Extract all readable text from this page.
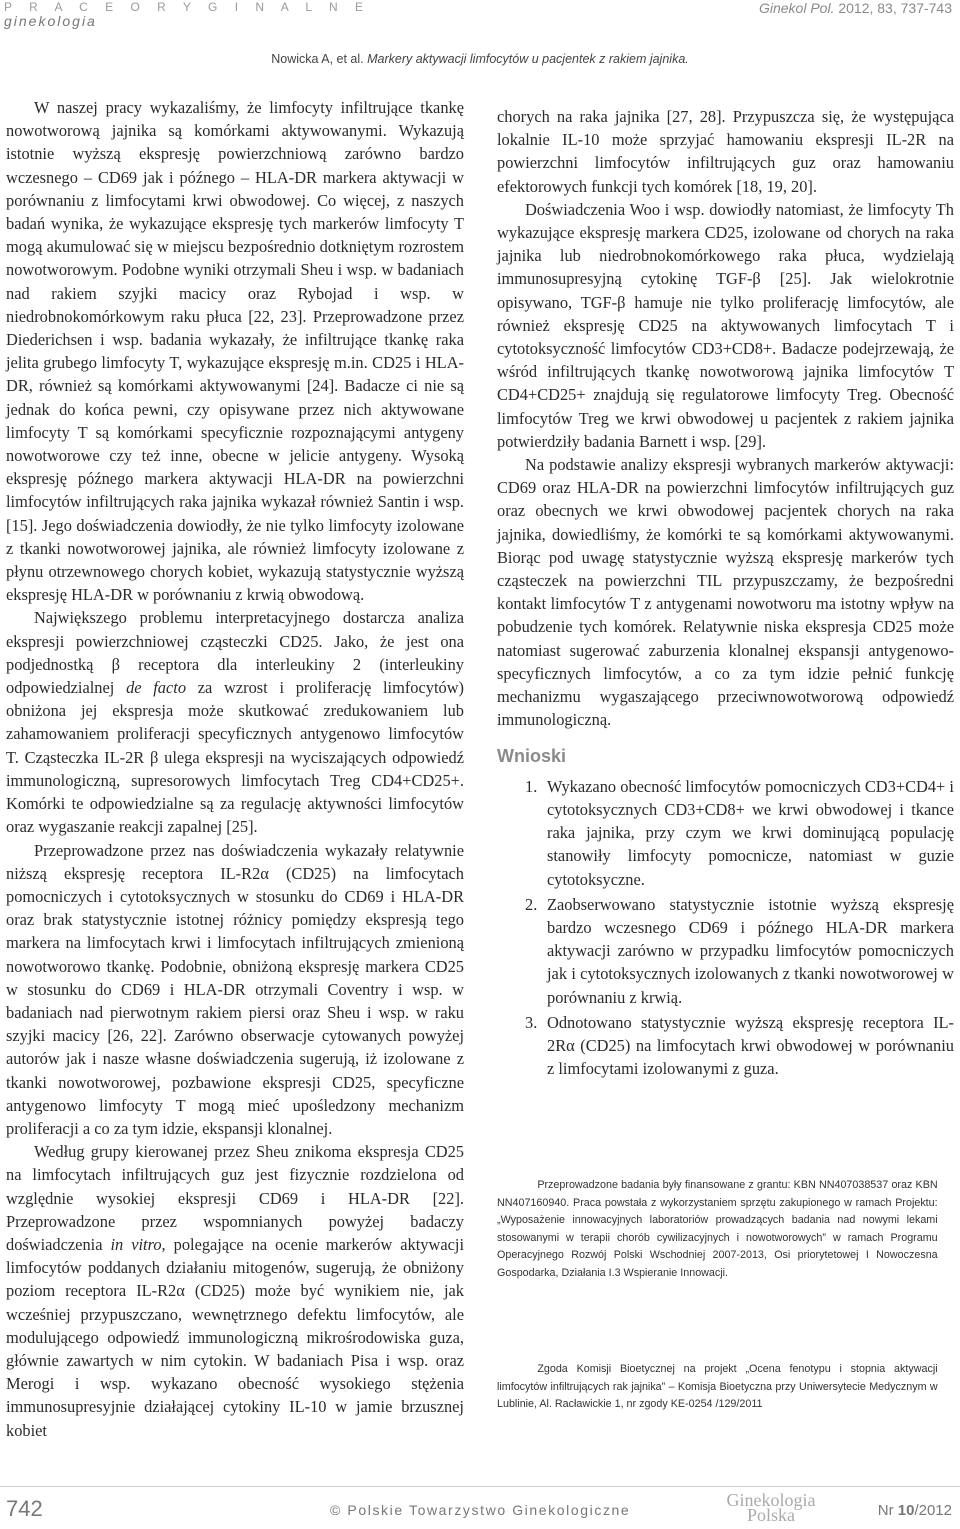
P R A C E O R Y G I N A L N E
ginekologia
Ginekol Pol. 2012, 83, 737-743
Nowicka A, et al. Markery aktywacji limfocytów u pacjentek z rakiem jajnika.

W naszej pracy wykazaliśmy, że limfocyty infiltrujące tkankę nowotworową jajnika są komórkami aktywowanymi. Wykazują istotnie wyższą ekspresję powierzchniową zarówno bardzo wczesnego – CD69 jak i późnego – HLA-DR markera aktywacji w porównaniu z limfocytami krwi obwodowej. Co więcej, z naszych badań wynika, że wykazujące ekspresję tych markerów limfocyty T mogą akumulować się w miejscu bezpośrednio dotkniętym rozrostem nowotworowym. Podobne wyniki otrzymali Sheu i wsp. w badaniach nad rakiem szyjki macicy oraz Rybojad i wsp. w niedrobnokomórkowym raku płuca [22, 23]. Przeprowadzone przez Diederichsen i wsp. badania wykazały, że infiltrujące tkankę raka jelita grubego limfocyty T, wykazujące ekspresję m.in. CD25 i HLA-DR, również są komórkami aktywowanymi [24]. Badacze ci nie są jednak do końca pewni, czy opisywane przez nich aktywowane limfocyty T są komórkami specyficznie rozpoznającymi antygeny nowotworowe czy też inne, obecne w jelicie antygeny. Wysoką ekspresję późnego markera aktywacji HLA-DR na powierzchni limfocytów infiltrujących raka jajnika wykazał również Santin i wsp. [15]. Jego doświadczenia dowiodły, że nie tylko limfocyty izolowane z tkanki nowotworowej jajnika, ale również limfocyty izolowane z płynu otrzewnowego chorych kobiet, wykazują statystycznie wyższą ekspresję HLA-DR w porównaniu z krwią obwodową.

Największego problemu interpretacyjnego dostarcza analiza ekspresji powierzchniowej cząsteczki CD25. Jako, że jest ona podjednostką β receptora dla interleukiny 2 (interleukiny odpowiedzialnej de facto za wzrost i proliferację limfocytów) obniżona jej ekspresja może skutkować zredukowaniem lub zahamowaniem proliferacji specyficznych antygenowo limfocytów T. Cząsteczka IL-2R β ulega ekspresji na wyciszających odpowiedź immunologiczną, supresorowych limfocytach Treg CD4+CD25+. Komórki te odpowiedzialne są za regulację aktywności limfocytów oraz wygaszanie reakcji zapalnej [25].

Przeprowadzone przez nas doświadczenia wykazały relatywnie niższą ekspresję receptora IL-R2α (CD25) na limfocytach pomocniczych i cytotoksycznych w stosunku do CD69 i HLA-DR oraz brak statystycznie istotnej różnicy pomiędzy ekspresją tego markera na limfocytach krwi i limfocytach infiltrujących zmienioną nowotworowo tkankę. Podobnie, obniżoną ekspresję markera CD25 w stosunku do CD69 i HLA-DR otrzymali Coventry i wsp. w badaniach nad pierwotnym rakiem piersi oraz Sheu i wsp. w raku szyjki macicy [26, 22]. Zarówno obserwacje cytowanych powyżej autorów jak i nasze własne doświadczenia sugerują, iż izolowane z tkanki nowotworowej, pozbawione ekspresji CD25, specyficzne antygenowo limfocyty T mogą mieć upośledzony mechanizm proliferacji a co za tym idzie, ekspansji klonalnej.

Według grupy kierowanej przez Sheu znikoma ekspresja CD25 na limfocytach infiltrujących guz jest fizycznie rozdzielona od względnie wysokiej ekspresji CD69 i HLA-DR [22]. Przeprowadzone przez wspomnianych powyżej badaczy doświadczenia in vitro, polegające na ocenie markerów aktywacji limfocytów poddanych działaniu mitogenów, sugerują, że obniżony poziom receptora IL-R2α (CD25) może być wynikiem nie, jak wcześniej przypuszczano, wewnętrznego defektu limfocytów, ale modulującego odpowiedź immunologiczną mikrośrodowiska guza, głównie zawartych w nim cytokin. W badaniach Pisa i wsp. oraz Merogi i wsp. wykazano obecność wysokiego stężenia immunosupresyjnie działającej cytokiny IL-10 w jamie brzusznej kobiet

chorych na raka jajnika [27, 28]. Przypuszcza się, że występująca lokalnie IL-10 może sprzyjać hamowaniu ekspresji IL-2R na powierzchni limfocytów infiltrujących guz oraz hamowaniu efektorowych funkcji tych komórek [18, 19, 20].

Doświadczenia Woo i wsp. dowiodły natomiast, że limfocyty Th wykazujące ekspresję markera CD25, izolowane od chorych na raka jajnika lub niedrobnokomórkowego raka płuca, wydzielają immunosupresyjną cytokinę TGF-β [25]. Jak wielokrotnie opisywano, TGF-β hamuje nie tylko proliferację limfocytów, ale również ekspresję CD25 na aktywowanych limfocytach T i cytotoksyczność limfocytów CD3+CD8+. Badacze podejrzewają, że wśród infiltrujących tkankę nowotworową jajnika limfocytów T CD4+CD25+ znajdują się regulatorowe limfocyty Treg. Obecność limfocytów Treg we krwi obwodowej u pacjentek z rakiem jajnika potwierdziły badania Barnett i wsp. [29].

Na podstawie analizy ekspresji wybranych markerów aktywacji: CD69 oraz HLA-DR na powierzchni limfocytów infiltrujących guz oraz obecnych we krwi obwodowej pacjentek chorych na raka jajnika, dowiedliśmy, że komórki te są komórkami aktywowanymi. Biorąc pod uwagę statystycznie wyższą ekspresję markerów tych cząsteczek na powierzchni TIL przypuszczamy, że bezpośredni kontakt limfocytów T z antygenami nowotworu ma istotny wpływ na pobudzenie tych komórek. Relatywnie niska ekspresja CD25 może natomiast sugerować zaburzenia klonalnej ekspansji antygenowo-specyficznych limfocytów, a co za tym idzie pełnić funkcję mechanizmu wygaszającego przeciwnowotworową odpowiedź immunologiczną.

Wnioski
1. Wykazano obecność limfocytów pomocniczych CD3+CD4+ i cytotoksycznych CD3+CD8+ we krwi obwodowej i tkance raka jajnika, przy czym we krwi dominującą populację stanowiły limfocyty pomocnicze, natomiast w guzie cytotoksyczne.
2. Zaobserwowano statystycznie istotnie wyższą ekspresję bardzo wczesnego CD69 i późnego HLA-DR markera aktywacji zarówno w przypadku limfocytów pomocniczych jak i cytotoksycznych izolowanych z tkanki nowotworowej w porównaniu z krwią.
3. Odnotowano statystycznie wyższą ekspresję receptora IL-2Rα (CD25) na limfocytach krwi obwodowej w porównaniu z limfocytami izolowanymi z guza.

Przeprowadzone badania były finansowane z grantu: KBN NN407038537 oraz KBN NN407160940. Praca powstała z wykorzystaniem sprzętu zakupionego w ramach Projektu: „Wyposażenie innowacyjnych laboratoriów prowadzących badania nad nowymi lekami stosowanymi w terapii chorób cywilizacyjnych i nowotworowych” w ramach Programu Operacyjnego Rozwój Polski Wschodniej 2007-2013, Osi priorytetowej I Nowoczesna Gospodarka, Działania I.3 Wspieranie Innowacji.

Zgoda Komisji Bioetycznej na projekt „Ocena fenotypu i stopnia aktywacji limfocytów infiltrujących rak jajnika” – Komisja Bioetyczna przy Uniwersytecie Medycznym w Lublinie, Al. Racławickie 1, nr zgody KE-0254 /129/2011

742	© Polskie Towarzystwo Ginekologiczne	Ginekologia
Polska	Nr 10/2012
